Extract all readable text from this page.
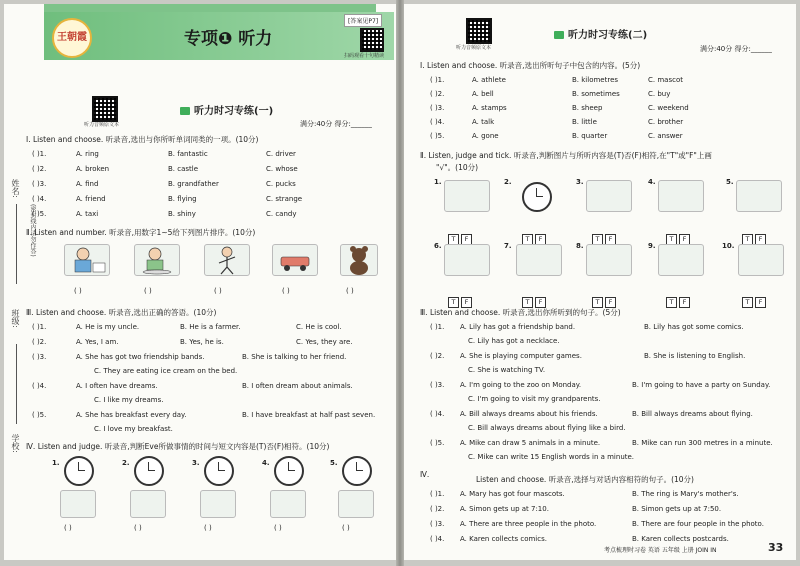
王朝霞	专项❶ 听力
扫码观看十句精读
[答案见P7]
姓名:
(密封线内请勿作答)
班级:
学校:
听力音频原文本
听力时习专练(一)
满分:40分 得分:______
Ⅰ. Listen and choose. 听录音,选出与你所听单词同类的一项。(10分)
( )1.	A. ring	B. fantastic	C. driver
( )2.	A. broken	B. castle	C. whose
( )3.	A. find	B. grandfather	C. pucks
( )4.	A. friend	B. flying	C. strange
( )5.	A. taxi	B. shiny	C. candy
Ⅱ. Listen and number. 听录音,用数字1~5给下列图片排序。(10分)
( )	( )	( )	( )	( )
Ⅲ. Listen and choose. 听录音,选出正确的答语。(10分)
( )1.	A. He is my uncle.	B. He is a farmer.	C. He is cool.
( )2.	A. Yes, I am.	B. Yes, he is.	C. Yes, they are.
( )3.	A. She has got two friendship bands.	B. She is talking to her friend.
C. They are eating ice cream on the bed.
( )4.	A. I often have dreams.	B. I often dream about animals.
C. I like my dreams.
( )5.	A. She has breakfast every day.	B. I have breakfast at half past seven.
C. I love my breakfast.
Ⅳ. Listen and judge. 听录音,判断Eve所做事情的时间与短文内容是(T)否(F)相符。(10分)
1.	2.	3.	4.	5.
( )	( )	( )	( )	( )
听力音频原文本
听力时习专练(二)
满分:40分 得分:______
Ⅰ. Listen and choose. 听录音,选出所听句子中包含的内容。(5分)
( )1.	A. athlete	B. kilometres	C. mascot
( )2.	A. bell	B. sometimes	C. buy
( )3.	A. stamps	B. sheep	C. weekend
( )4.	A. talk	B. little	C. brother
( )5.	A. gone	B. quarter	C. answer
Ⅱ. Listen, judge and tick. 听录音,判断图片与所听内容是(T)否(F)相符,在"T"或"F"上画
"√"。(10分)
1.	2.	3.	4.	5.
T F	T F	T F	T F	T F
6.	7.	8.	9.	10.
T F	T F	T F	T F	T F
Ⅲ. Listen and choose. 听录音,选出你所听到的句子。(5分)
( )1. A. Lily has got a friendship band.	B. Lily has got some comics.
C. Lily has got a necklace.
( )2. A. She is playing computer games.	B. She is listening to English.
C. She is watching TV.
( )3. A. I'm going to the zoo on Monday.	B. I'm going to have a party on Sunday.
C. I'm going to visit my grandparents.
( )4. A. Bill always dreams about his friends.	B. Bill always dreams about flying.
C. Bill always dreams about flying like a bird.
( )5. A. Mike can draw 5 animals in a minute.	B. Mike can run 300 metres in a minute.
C. Mike can write 15 English words in a minute.
Ⅳ.
Listen and choose. 听录音,选择与对话内容相符的句子。(10分)
( )1. A. Mary has got four mascots.	B. The ring is Mary's mother's.
( )2. A. Simon gets up at 7:10.	B. Simon gets up at 7:50.
( )3. A. There are three people in the photo.	B. There are four people in the photo.
( )4. A. Karen collects comics.	B. Karen collects postcards.
考点梳理时习卷 英语 五年级 上册 JOIN IN	33
